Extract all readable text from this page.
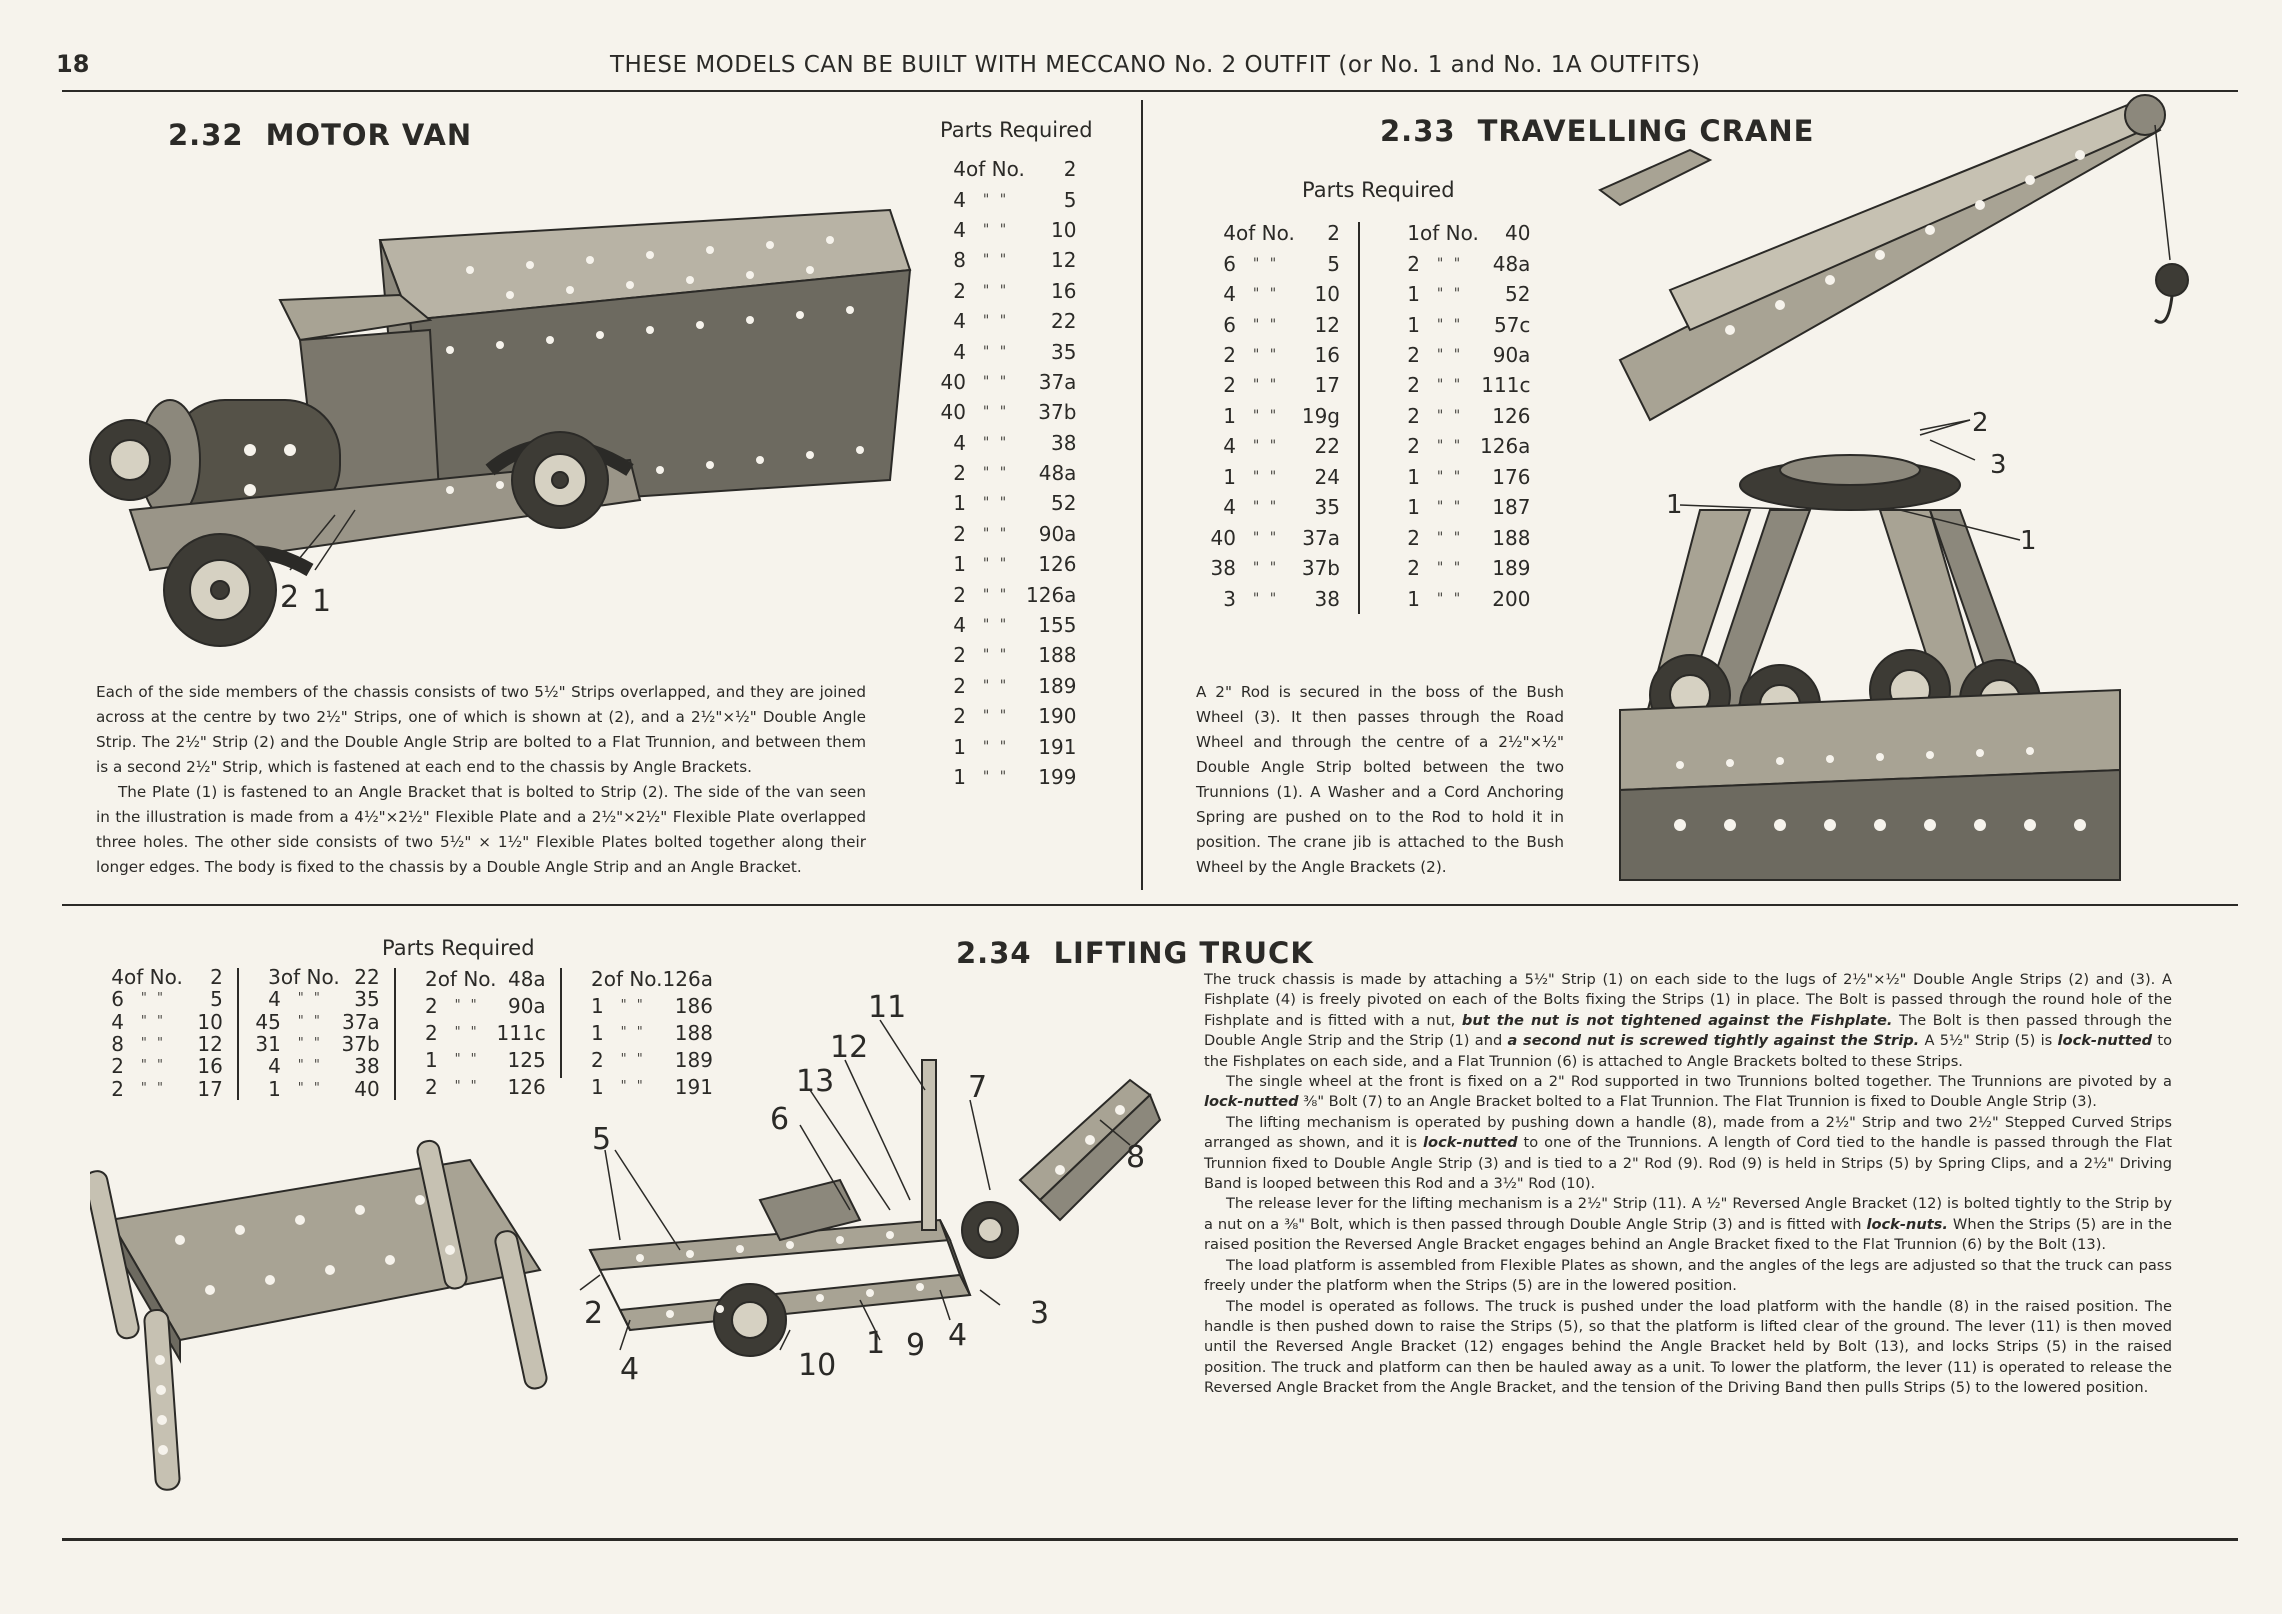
18	THESE MODELS CAN BE BUILT WITH MECCANO No. 2 OUTFIT (or No. 1 and No. 1A OUTFITS)
2.32 MOTOR VAN
2 1
Parts Required
4	of No.	2
4	" "	5
4	" "	10
8	" "	12
2	" "	16
4	" "	22
4	" "	35
40	" "	37a
40	" "	37b
4	" "	38
2	" "	48a
1	" "	52
2	" "	90a
1	" "	126
2	" "	126a
4	" "	155
2	" "	188
2	" "	189
2	" "	190
1	" "	191
1	" "	199

Each of the side members of the chassis consists of two 5½" Strips overlapped, and they are joined across at the centre by two 2½" Strips, one of which is shown at (2), and a 2½"×½" Double Angle Strip. The 2½" Strip (2) and the Double Angle Strip are bolted to a Flat Trunnion, and between them is a second 2½" Strip, which is fastened at each end to the chassis by Angle Brackets.

The Plate (1) is fastened to an Angle Bracket that is bolted to Strip (2). The side of the van seen in the illustration is made from a 4½"×2½" Flexible Plate and a 2½"×2½" Flexible Plate overlapped three holes. The other side consists of two 5½" × 1½" Flexible Plates bolted together along their longer edges. The body is fixed to the chassis by a Double Angle Strip and an Angle Bracket.

2.33 TRAVELLING CRANE
Parts Required
4	of No.	2
6	" "	5
4	" "	10
6	" "	12
2	" "	16
2	" "	17
1	" "	19g
4	" "	22
1	" "	24
4	" "	35
40	" "	37a
38	" "	37b
3	" "	38
1	of No.	40
2	" "	48a
1	" "	52
1	" "	57c
2	" "	90a
2	" "	111c
2	" "	126
2	" "	126a
1	" "	176
1	" "	187
2	" "	188
2	" "	189
1	" "	200
2
3
1
1
A 2" Rod is secured in the boss of the Bush Wheel (3). It then passes through the Road Wheel and through the centre of a 2½"×½" Double Angle Strip bolted between the two Trunnions (1). A Washer and a Cord Anchoring Spring are pushed on to the Rod to hold it in position. The crane jib is attached to the Bush Wheel by the Angle Brackets (2).
Parts Required
4	of No.	2
6	" "	5
4	" "	10
8	" "	12
2	" "	16
2	" "	17
3	of No.	22
4	" "	35
45	" "	37a
31	" "	37b
4	" "	38
1	" "	40
2	of No.	48a
2	" "	90a
2	" "	111c
1	" "	125
2	" "	126
2	of No.	126a
1	" "	186
1	" "	188
2	" "	189
1	" "	191
2.34 LIFTING TRUCK
11
12
13	7
6
5
8
2	3
4
10
1 9
4

The truck chassis is made by attaching a 5½" Strip (1) on each side to the lugs of 2½"×½" Double Angle Strips (2) and (3). A Fishplate (4) is freely pivoted on each of the Bolts fixing the Strips (1) in place. The Bolt is passed through the round hole of the Fishplate and is fitted with a nut, but the nut is not tightened against the Fishplate. The Bolt is then passed through the Double Angle Strip and the Strip (1) and a second nut is screwed tightly against the Strip. A 5½" Strip (5) is lock-nutted to the Fishplates on each side, and a Flat Trunnion (6) is attached to Angle Brackets bolted to these Strips.

The single wheel at the front is fixed on a 2" Rod supported in two Trunnions bolted together. The Trunnions are pivoted by a lock-nutted ⅜" Bolt (7) to an Angle Bracket bolted to a Flat Trunnion. The Flat Trunnion is fixed to Double Angle Strip (3).

The lifting mechanism is operated by pushing down a handle (8), made from a 2½" Strip and two 2½" Stepped Curved Strips arranged as shown, and it is lock-nutted to one of the Trunnions. A length of Cord tied to the handle is passed through the Flat Trunnion fixed to Double Angle Strip (3) and is tied to a 2" Rod (9). Rod (9) is held in Strips (5) by Spring Clips, and a 2½" Driving Band is looped between this Rod and a 3½" Rod (10).

The release lever for the lifting mechanism is a 2½" Strip (11). A ½" Reversed Angle Bracket (12) is bolted tightly to the Strip by a nut on a ⅜" Bolt, which is then passed through Double Angle Strip (3) and is fitted with lock-nuts. When the Strips (5) are in the raised position the Reversed Angle Bracket engages behind an Angle Bracket fixed to the Flat Trunnion (6) by the Bolt (13).

The load platform is assembled from Flexible Plates as shown, and the angles of the legs are adjusted so that the truck can pass freely under the platform when the Strips (5) are in the lowered position.

The model is operated as follows. The truck is pushed under the load platform with the handle (8) in the raised position. The handle is then pushed down to raise the Strips (5), so that the platform is lifted clear of the ground. The lever (11) is then moved until the Reversed Angle Bracket (12) engages behind the Angle Bracket held by Bolt (13), and locks Strips (5) in the raised position. The truck and platform can then be hauled away as a unit. To lower the platform, the lever (11) is operated to release the Reversed Angle Bracket from the Angle Bracket, and the tension of the Driving Band then pulls Strips (5) to the lowered position.
